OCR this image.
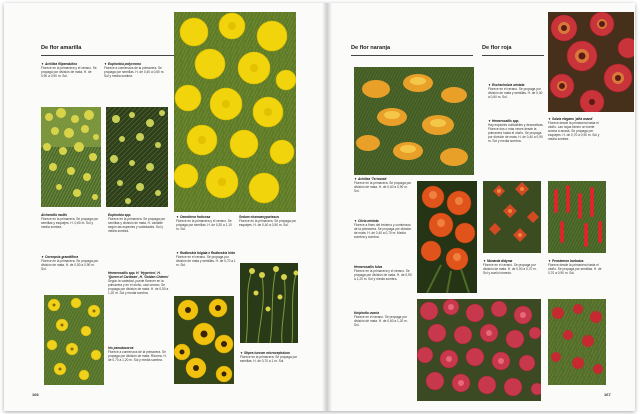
De flor amarilla
▼Achillea filipendulina
Florece en la primavera y el verano. Se propaga por división de mata. H. de 0,90 a 0,90 m. Sol.
▼Euphorbia polycroma
Florece a comienzos de la primavera. Se propaga por semillas. H. de 0,40 a 0,60 m. Sol y media sombra.
Alchemilla mollis
Florece en la primavera. Se propaga por semillas y esquejes. H. 0,60 m. Sol y media sombra.
Euphorbia spp.
Florece en la primavera. Se propaga por semillas y división de mata. H. variable según las especies y variedades. Sol y media sombra.
▼Oenothera fruticosa
Florece en la primavera y el verano. Se propaga por semillas. H. de 0,30 a 1,10 m. Sol.
Sedum chamaecyparissus
Florece en la primavera. Se propaga por esquejes. H. de 0,40 a 0,50 m. Sol.
▼Coreopsis grandiflora
Florece en la primavera. Se propaga por división de mata. H. de 0,50 a 0,90 m. Sol.
Hemerocallis spp. H. 'Hyperion', H. 'Queen of Caribean', H. 'Golden Chimes'
Según la variedad, puede florecer en la primavera y en el otoño, casi verano. Se propaga por división de mata. H. de 0,50 a 1,20 m. Sol y media sombra.
▼Rudbeckia fulgida e Rudbeckia hirta
Florece en el verano. Se propaga por división de mata y semillas. H. de 0,70 a 1 m. Sol.
Iris pseudacorus
Florece a comienzos de la primavera. Se propaga por división de mata. Rizoma. H. de 0,70 a 1,20 m. Sol y media sombra.
▼Stipes turcom microcephalum
Florece en la primavera. Se propaga por semillas. H. de 0,70 a 1 m. Sol.
166
De flor naranja	De flor roja
▼Eschscholzia aristata
Florece en el verano. Se propaga por división de mata y semillas. H. de 0,40 a 0,60 m. Sol.
▼Hemerocallis spp.
Hay especies cultivables y decorativas. Florece dos o más veces desde la primavera hasta el otoño. Se propaga por división de mata. H. de 0,40 a 0,90 m. Sol y media sombra.
▼Salvia elegans 'piña ananá'
Florece desde la primavera hasta el otoño. Las hojas tienen un fuerte aroma a ananá. Se propaga por esquejes. H. de 0,70 a 0,90 m. Sol y media sombra.
▼Achillea 'Terracota'
Florece en la primavera. Se propaga por división de mata. H. de 0,60 a 0,90 m. Sol.
▼Clivia miniata
Florece a fines del invierno y comienzos de la primavera. Se propaga por división de mata. H. de 0,40 a 0,70 m. Media sombra y sombra.
Hemerocallis fulva
Florece en la primavera y el verano. Se propaga por división de mata. H. de 0,90 a 1,20 m. Sol y media sombra.
▼Monarda didyma
Florece en el verano. Se propaga por división de mata. H. de 0,50 a 0,70 m. Sol y suelo húmedo.
▼Penstemon barbatus
Florece desde la primavera hasta el otoño. Se propaga por semillas. H. de 0,70 a 0,90 m. Sol.
Kniphofia uvaria
Florece en el verano. Se propaga por división de mata. H. de 0,60 a 1,20 m. Sol.
167
